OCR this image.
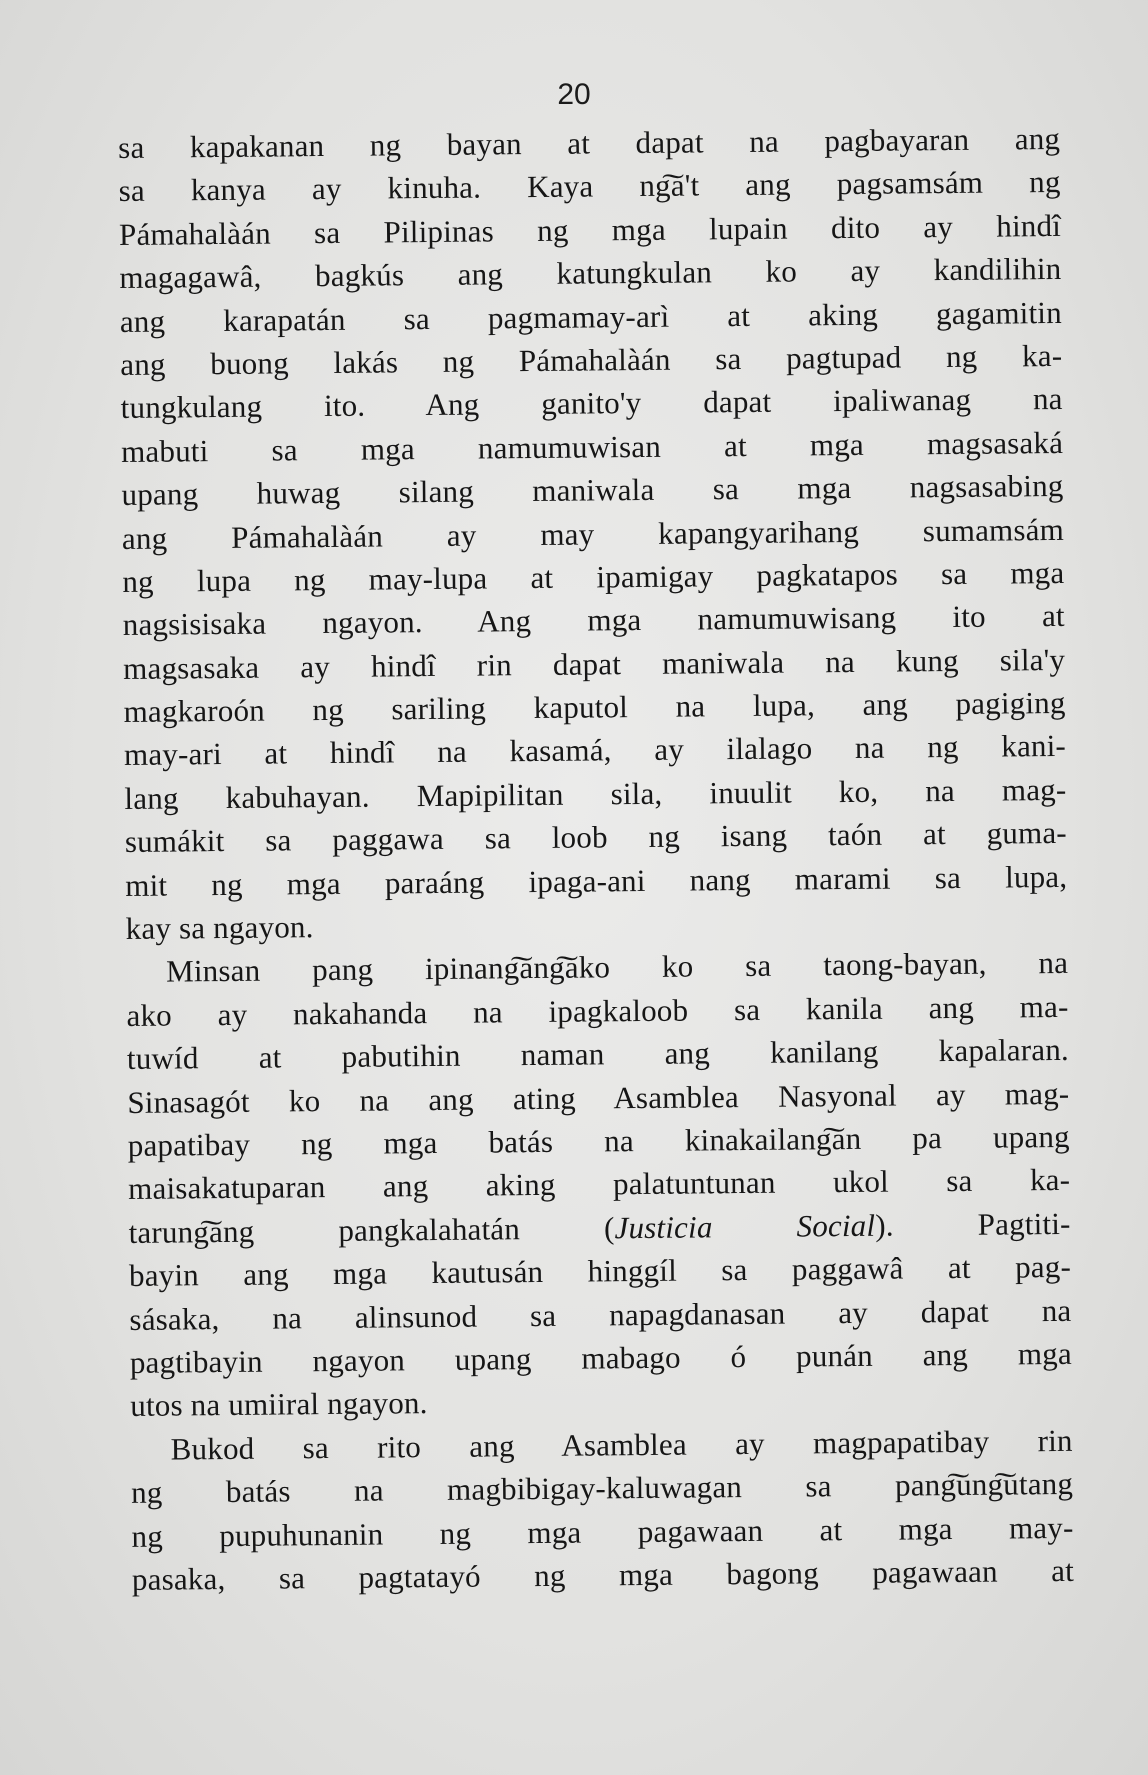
20
sa kapakanan ng bayan at dapat na pagbayaran ang
sa kanya ay kinuha. Kaya ng͠a't ang pagsamsám ng
Pámahalàán sa Pilipinas ng mga lupain dito ay hindî
magagawâ, bagkús ang katungkulan ko ay kandilihin
ang karapatán sa pagmamay-arì at aking gagamitin
ang buong lakás ng Pámahalàán sa pagtupad ng ka-
tungkulang ito. Ang ganito'y dapat ipaliwanag na
mabuti sa mga namumuwisan at mga magsasaká
upang huwag silang maniwala sa mga nagsasabing
ang Pámahalàán ay may kapangyarihang sumamsám
ng lupa ng may-lupa at ipamigay pagkatapos sa mga
nagsisisaka ngayon. Ang mga namumuwisang ito at
magsasaka ay hindî rin dapat maniwala na kung sila'y
magkaroón ng sariling kaputol na lupa, ang pagiging
may-ari at hindî na kasamá, ay ilalago na ng kani-
lang kabuhayan. Mapipilitan sila, inuulit ko, na mag-
sumákit sa paggawa sa loob ng isang taón at guma-
mit ng mga paraáng ipaga-ani nang marami sa lupa,
kay sa ngayon.
Minsan pang ipinang͠ang͠ako ko sa taong-bayan, na
ako ay nakahanda na ipagkaloob sa kanila ang ma-
tuwíd at pabutihin naman ang kanilang kapalaran.
Sinasagót ko na ang ating Asamblea Nasyonal ay mag-
papatibay ng mga batás na kinakailang͠an pa upang
maisakatuparan ang aking palatuntunan ukol sa ka-
tarung͠ang pangkalahatán (Justicia Social). Pagtiti-
bayin ang mga kautusán hinggíl sa paggawâ at pag-
sásaka, na alinsunod sa napagdanasan ay dapat na
pagtibayin ngayon upang mabago ó punán ang mga
utos na umiiral ngayon.
Bukod sa rito ang Asamblea ay magpapatibay rin
ng batás na magbibigay-kaluwagan sa pang͠ung͠utang
ng pupuhunanin ng mga pagawaan at mga may-
pasaka, sa pagtatayó ng mga bagong pagawaan at
